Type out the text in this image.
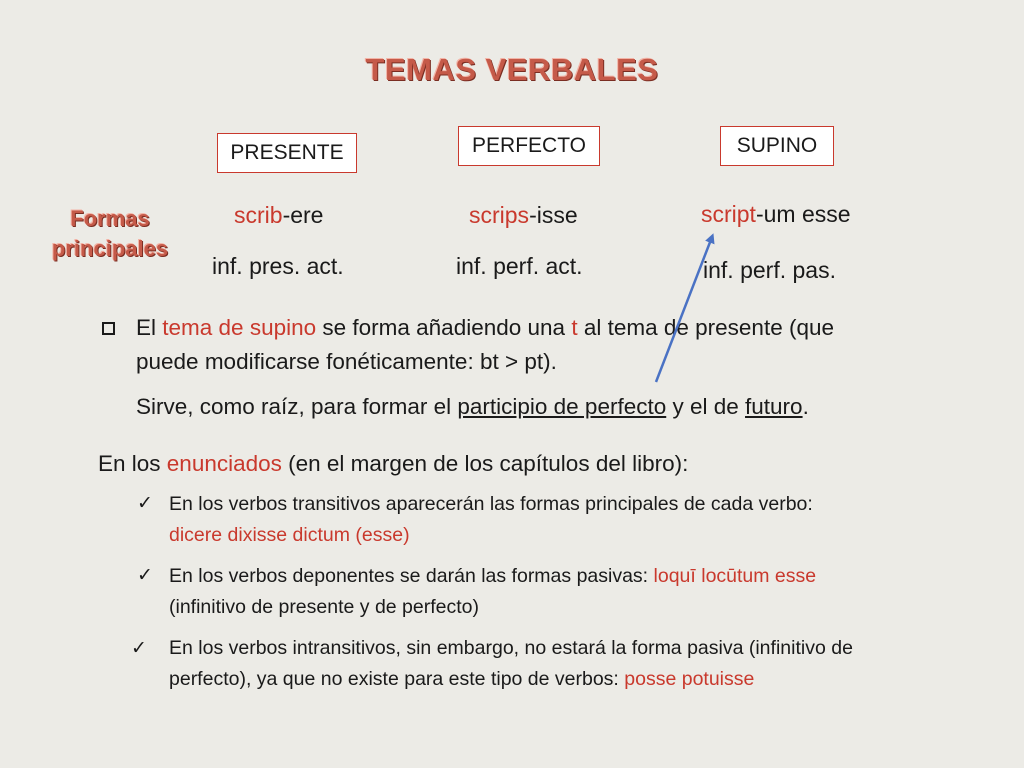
TEMAS VERBALES
PRESENTE	PERFECTO	SUPINO
Formas
principales
scrib-ere	scrips-isse	script-um esse
inf. pres. act.	inf. perf. act.	inf. perf. pas.
El tema de supino se forma añadiendo una t al tema de presente (que
puede modificarse fonéticamente: bt > pt).
Sirve, como raíz, para formar el participio de perfecto y el de futuro.
En los enunciados (en el margen de los capítulos del libro):
✓ En los verbos transitivos aparecerán las formas principales de cada verbo:
dicere dixisse dictum (esse)
✓ En los verbos deponentes se darán las formas pasivas: loquī locūtum esse
(infinitivo de presente y de perfecto)
✓ En los verbos intransitivos, sin embargo, no estará la forma pasiva (infinitivo de
perfecto), ya que no existe para este tipo de verbos: posse potuisse
